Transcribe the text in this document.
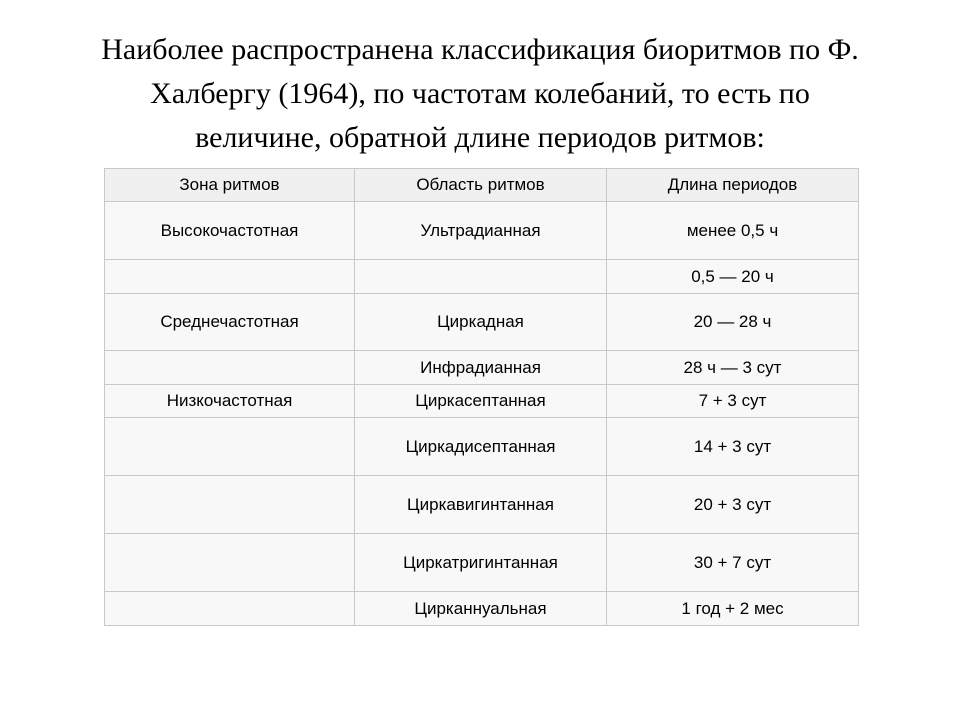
Наиболее распространена классификация биоритмов по Ф.
Халбергу (1964), по частотам колебаний, то есть по
величине, обратной длине периодов ритмов:
Зона ритмов	Область ритмов	Длина периодов
Высокочастотная	Ультрадианная	менее 0,5 ч
		0,5 — 20 ч
Среднечастотная	Циркадная	20 — 28 ч
	Инфрадианная	28 ч — 3 сут
Низкочастотная	Циркасептанная	7 + 3 сут
	Циркадисептанная	14 + 3 сут
	Циркавигинтанная	20 + 3 сут
	Циркатригинтанная	30 + 7 сут
	Цирканнуальная	1 год + 2 мес
